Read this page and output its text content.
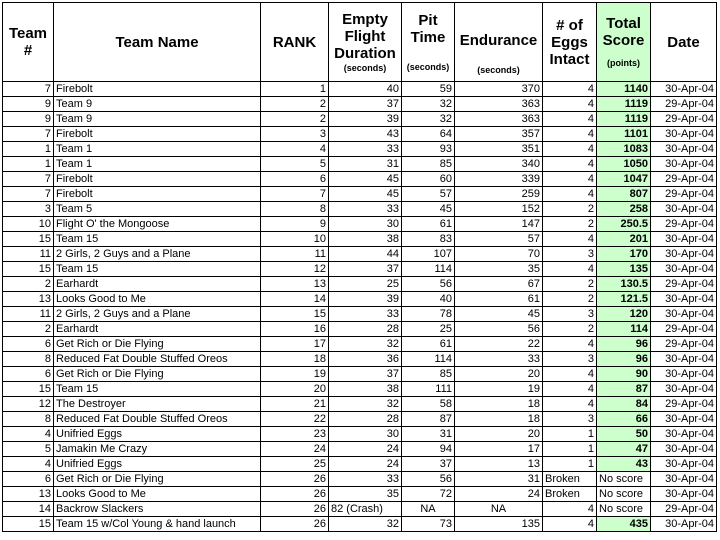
Team
#	Team Name	RANK	Empty
Flight
Duration
(seconds)	Pit
Time
(seconds)	Endurance
(seconds)	# of
Eggs
Intact	Total
Score
(points)	Date
7	Firebolt	1	40	59	370	4	1140	30-Apr-04
9	Team 9	2	37	32	363	4	1119	29-Apr-04
9	Team 9	2	39	32	363	4	1119	29-Apr-04
7	Firebolt	3	43	64	357	4	1101	30-Apr-04
1	Team 1	4	33	93	351	4	1083	30-Apr-04
1	Team 1	5	31	85	340	4	1050	30-Apr-04
7	Firebolt	6	45	60	339	4	1047	29-Apr-04
7	Firebolt	7	45	57	259	4	807	29-Apr-04
3	Team 5	8	33	45	152	2	258	30-Apr-04
10	Flight O' the Mongoose	9	30	61	147	2	250.5	29-Apr-04
15	Team 15	10	38	83	57	4	201	30-Apr-04
11	2 Girls, 2 Guys and a Plane	11	44	107	70	3	170	30-Apr-04
15	Team 15	12	37	114	35	4	135	30-Apr-04
2	Earhardt	13	25	56	67	2	130.5	29-Apr-04
13	Looks Good to Me	14	39	40	61	2	121.5	30-Apr-04
11	2 Girls, 2 Guys and a Plane	15	33	78	45	3	120	30-Apr-04
2	Earhardt	16	28	25	56	2	114	29-Apr-04
6	Get Rich or Die Flying	17	32	61	22	4	96	29-Apr-04
8	Reduced Fat Double Stuffed Oreos	18	36	114	33	3	96	30-Apr-04
6	Get Rich or Die Flying	19	37	85	20	4	90	30-Apr-04
15	Team 15	20	38	111	19	4	87	30-Apr-04
12	The Destroyer	21	32	58	18	4	84	29-Apr-04
8	Reduced Fat Double Stuffed Oreos	22	28	87	18	3	66	30-Apr-04
4	Unifried Eggs	23	30	31	20	1	50	30-Apr-04
5	Jamakin Me Crazy	24	24	94	17	1	47	30-Apr-04
4	Unifried Eggs	25	24	37	13	1	43	30-Apr-04
6	Get Rich or Die Flying	26	33	56	31	Broken	No score	30-Apr-04
13	Looks Good to Me	26	35	72	24	Broken	No score	30-Apr-04
14	Backrow Slackers	26	82 (Crash)	NA	NA	4	No score	29-Apr-04
15	Team 15 w/Col Young & hand launch	26	32	73	135	4	435	30-Apr-04
